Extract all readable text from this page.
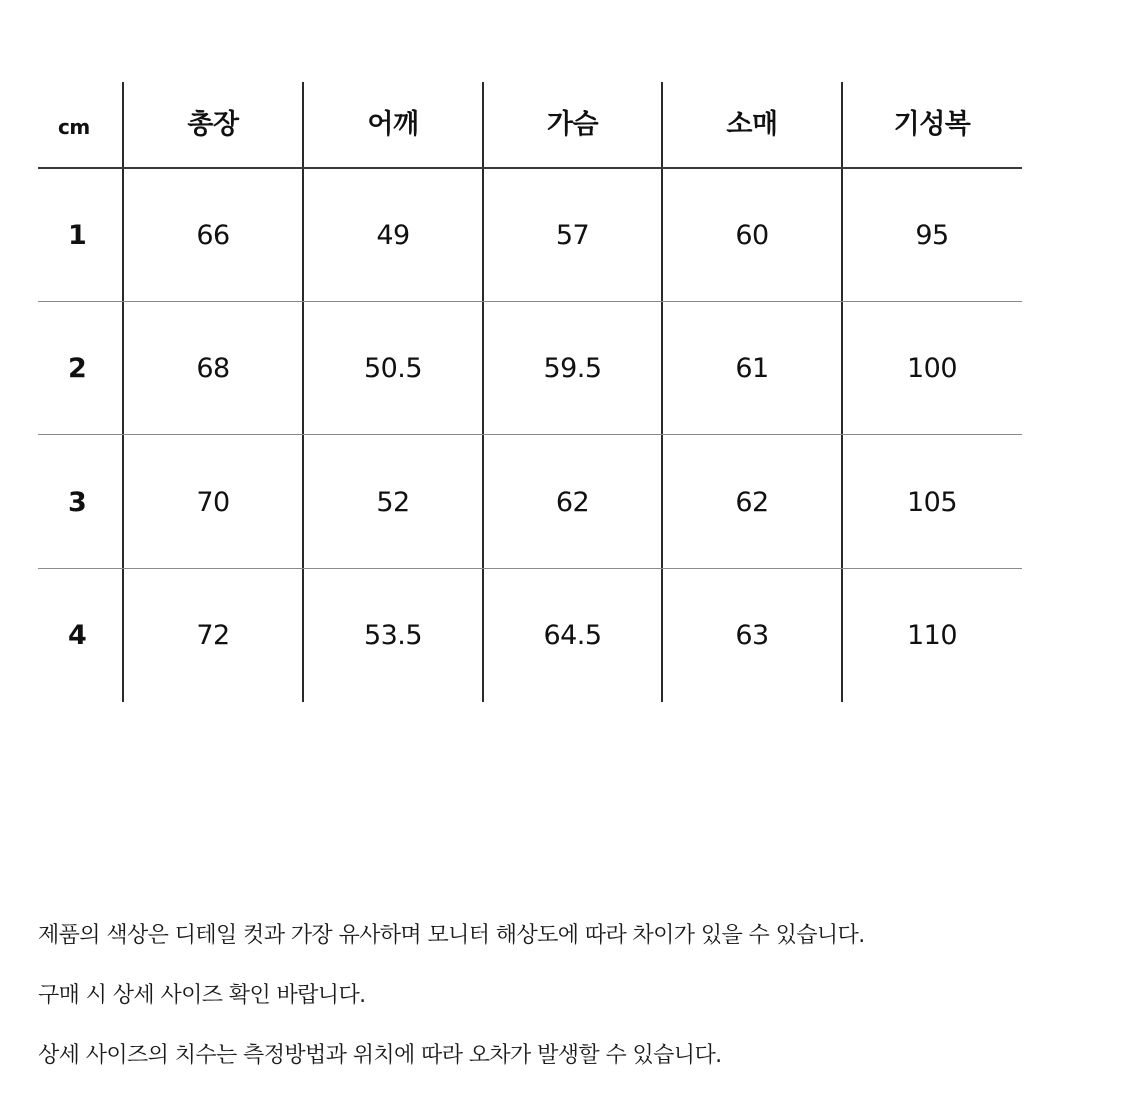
cm	총장	어깨	가슴	소매	기성복
1	66	49	57	60	95
2	68	50.5	59.5	61	100
3	70	52	62	62	105
4	72	53.5	64.5	63	110
제품의 색상은 디테일 컷과 가장 유사하며 모니터 해상도에 따라 차이가 있을 수 있습니다.
구매 시 상세 사이즈 확인 바랍니다.
상세 사이즈의 치수는 측정방법과 위치에 따라 오차가 발생할 수 있습니다.
